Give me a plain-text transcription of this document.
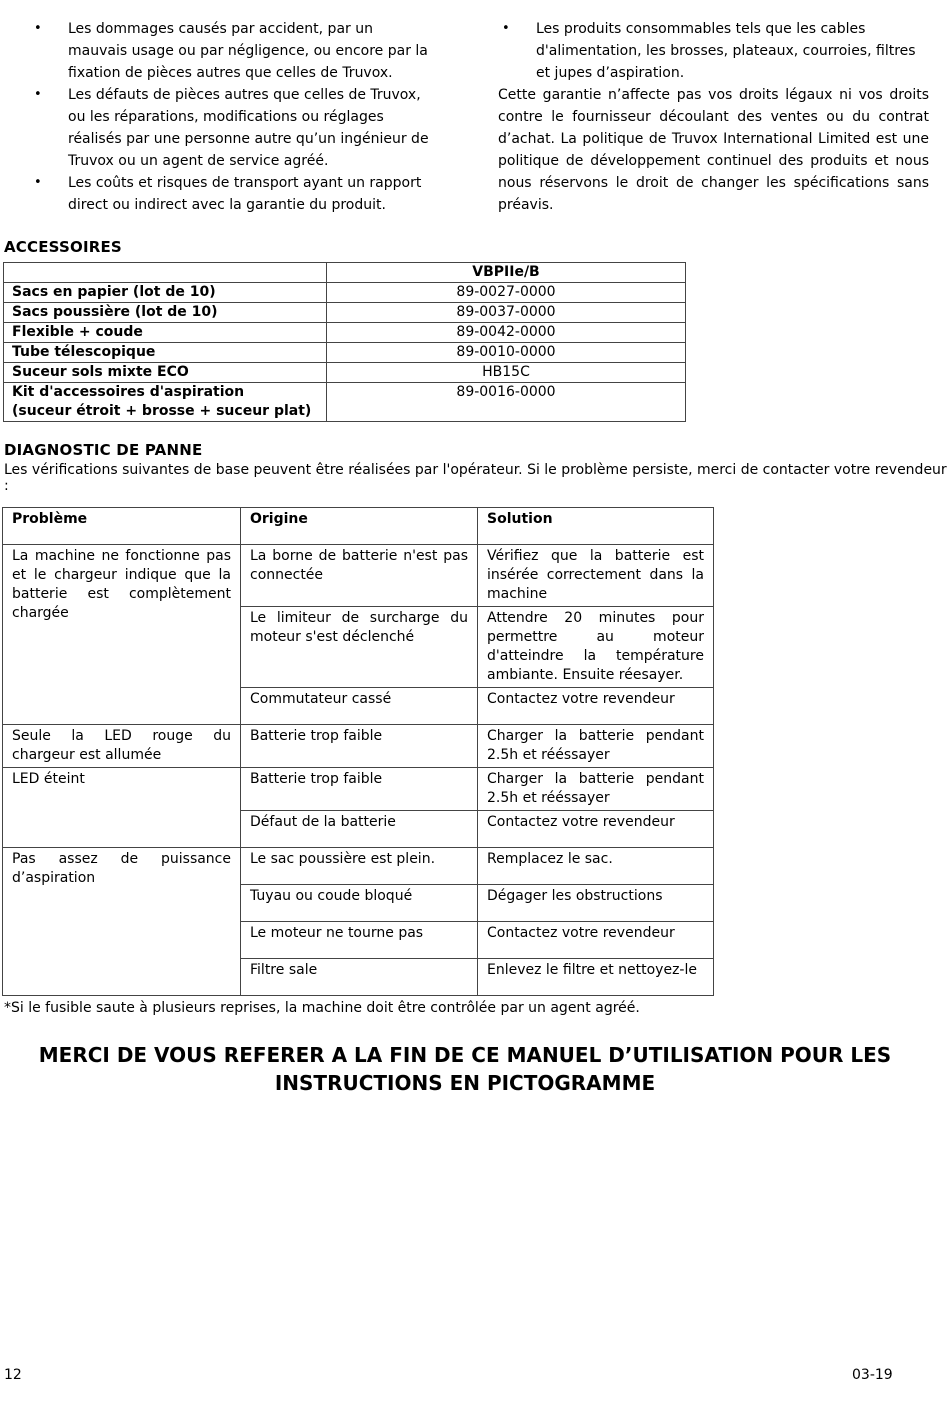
• Les dommages causés par accident, par un mauvais usage ou par négligence, ou encore par la fixation de pièces autres que celles de Truvox.

• Les défauts de pièces autres que celles de Truvox, ou les réparations, modifications ou réglages réalisés par une personne autre qu’un ingénieur de Truvox ou un agent de service agréé.

• Les coûts et risques de transport ayant un rapport direct ou indirect avec la garantie du produit.

• Les produits consommables tels que les cables d'alimentation, les brosses, plateaux, courroies, filtres et jupes d’aspiration.

Cette garantie n’affecte pas vos droits légaux ni vos droits contre le fournisseur découlant des ventes ou du contrat d’achat. La politique de Truvox International Limited est une politique de développement continuel des produits et nous nous réservons le droit de changer les spécifications sans préavis.

ACCESSOIRES
	VBPIIe/B
Sacs en papier (lot de 10)	89-0027-0000
Sacs poussière (lot de 10)	89-0037-0000
Flexible + coude	89-0042-0000
Tube télescopique	89-0010-0000
Suceur sols mixte ECO	HB15C

Kit d'accessoires d'aspiration
(suceur étroit + brosse + suceur plat)	89-0016-0000
DIAGNOSTIC DE PANNE
Les vérifications suivantes de base peuvent être réalisées par l'opérateur. Si le problème persiste, merci de contacter votre revendeur :
Problème	Origine	Solution
La machine ne fonctionne pas et le chargeur indique que la batterie est complètement chargée	La borne de batterie n'est pas connectée	Vérifiez que la batterie est insérée correctement dans la machine
	Le limiteur de surcharge du moteur s'est déclenché	Attendre 20 minutes pour permettre au moteur d'atteindre la température ambiante. Ensuite réesayer.
	Commutateur cassé	Contactez votre revendeur
Seule la LED rouge du chargeur est allumée	Batterie trop faible	Charger la batterie pendant 2.5h et rééssayer
LED éteint	Batterie trop faible	Charger la batterie pendant 2.5h et rééssayer
	Défaut de la batterie	Contactez votre revendeur
Pas assez de puissance d’aspiration	Le sac poussière est plein.	Remplacez le sac.
	Tuyau ou coude bloqué	Dégager les obstructions
	Le moteur ne tourne pas	Contactez votre revendeur
	Filtre sale	Enlevez le filtre et nettoyez-le
*Si le fusible saute à plusieurs reprises, la machine doit être contrôlée par un agent agréé.
MERCI DE VOUS REFERER A LA FIN DE CE MANUEL D’UTILISATION POUR LES
INSTRUCTIONS EN PICTOGRAMME
12	03-19
